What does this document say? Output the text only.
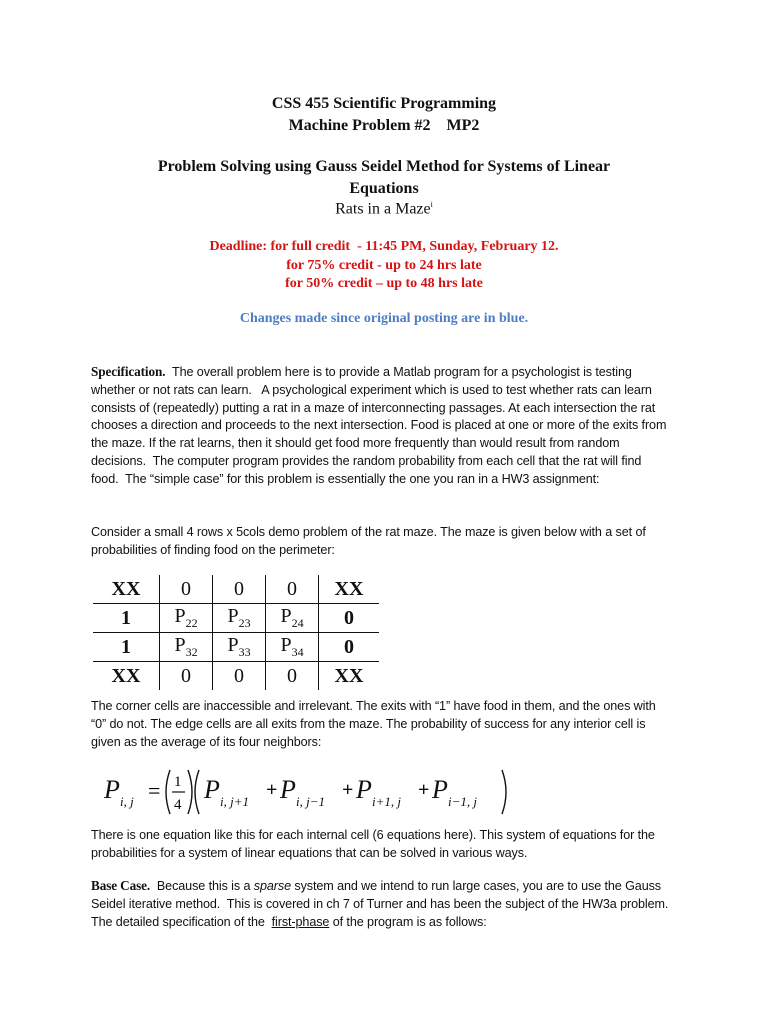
CSS 455 Scientific Programming
Machine Problem #2    MP2
Problem Solving using Gauss Seidel Method for Systems of Linear
Equations
Rats in a Maze$^i$
Deadline: for full credit  - 11:45 PM, Sunday, February 12.
for 75% credit - up to 24 hrs late
for 50% credit – up to 48 hrs late
Changes made since original posting are in blue.
Specification.  The overall problem here is to provide a Matlab program for a psychologist is testing whether or not rats can learn.   A psychological experiment which is used to test whether rats can learn consists of (repeatedly) putting a rat in a maze of interconnecting passages. At each intersection the rat chooses a direction and proceeds to the next intersection. Food is placed at one or more of the exits from the maze. If the rat learns, then it should get food more frequently than would result from random decisions.  The computer program provides the random probability from each cell that the rat will find food.  The “simple case” for this problem is essentially the one you ran in a HW3 assignment:
Consider a small 4 rows x 5cols demo problem of the rat maze. The maze is given below with a set of probabilities of finding food on the perimeter:
XX	0	0	0	XX
1	$P_{22}$	$P_{23}$	$P_{24}$	0
1	$P_{32}$	$P_{33}$	$P_{34}$	0
XX	0	0	0	XX
The corner cells are inaccessible and irrelevant. The exits with “1” have food in them, and the ones with “0” do not. The edge cells are all exits from the maze. The probability of success for any interior cell is given as the average of its four neighbors:
P i, j = 1
4
P i, j+1
+ P i, j−1
+ P i+1, j
+ P i−1, j
There is one equation like this for each internal cell (6 equations here). This system of equations for the probabilities for a system of linear equations that can be solved in various ways.
Base Case.  Because this is a sparse system and we intend to run large cases, you are to use the Gauss Seidel iterative method.  This is covered in ch 7 of Turner and has been the subject of the HW3a problem.  The detailed specification of the  first-phase of the program is as follows:
